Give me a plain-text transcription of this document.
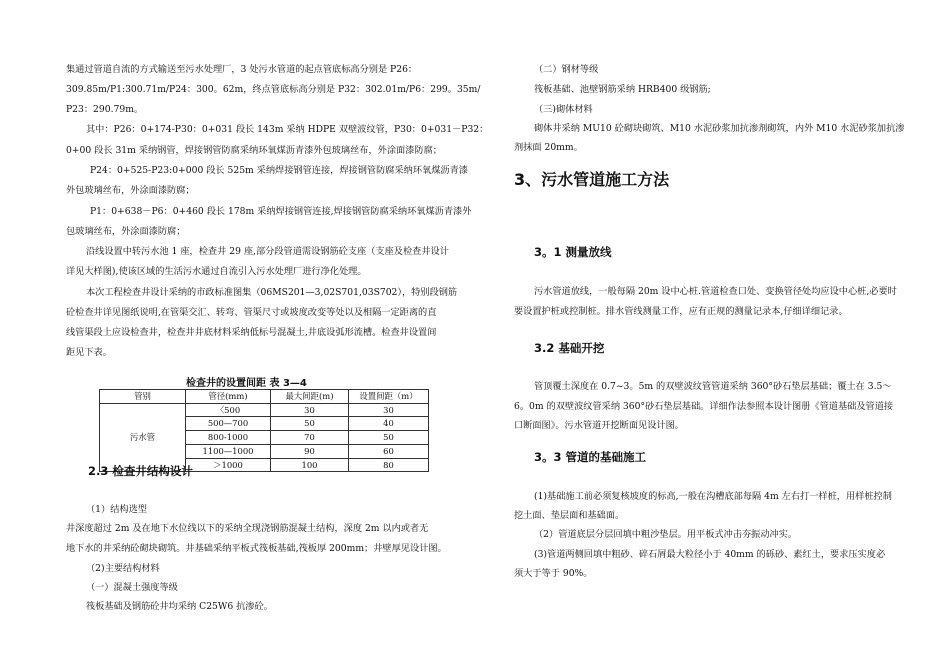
集通过管道自流的方式输送至污水处理厂，3 处污水管道的起点管底标高分别是 P26：
309.85m/P1:300.71m/P24：300。62m，终点管底标高分别是 P32：302.01m/P6：299。35m/
P23：290.79m。
其中：P26：0+174-P30：0+031 段长 143m 采纳 HDPE 双壁波纹管，P30：0+031－P32：
0+00 段长 31m 采纳钢管，焊接钢管防腐采纳环氧煤沥青漆外包玻璃丝布，外涂面漆防腐；
P24：0+525-P23:0+000 段长 525m 采纳焊接钢管连接，焊接钢管防腐采纳环氧煤沥青漆
外包玻璃丝布，外涂面漆防腐；
P1：0+638－P6：0+460 段长 178m 采纳焊接钢管连接,焊接钢管防腐采纳环氧煤沥青漆外
包玻璃丝布，外涂面漆防腐；
沿线设置中转污水池 1 座，检查井 29 座,部分段管道需设钢筋砼支座（支座及检查井设计
详见大样图),使该区域的生活污水通过自流引入污水处理厂进行净化处理。
本次工程检查井设计采纳的市政标准图集（06MS201—3,02S701,03S702），特别段钢筋
砼检查井详见图纸说明,在管渠交汇、转弯、管渠尺寸或坡度改变等处以及相隔一定距离的直
线管渠段上应设检查井，检查井井底材料采纳低标号混凝土,井底设弧形流槽。检查井设置间
距见下表。
检查井的设置间距 表 3—4
管别	管径(mm)	最大间距(m)	设置间距（m）
污水管	〈500	30	30
	500—700	50	40
	800-1000	70	50
	1100—1000	90	60
	＞1000	100	80
2.3 检查井结构设计
（1）结构选型
井深度超过 2m 及在地下水位线以下的采纳全现浇钢筋混凝土结构，深度 2m 以内或者无
地下水的井采纳砼砌块砌筑。井基础采纳平板式筏板基础,筏板厚 200mm；井壁厚见设计图。
（2)主要结构材料
（一）混凝土强度等级
筏板基础及钢筋砼井均采纳 C25W6 抗渗砼。
（二）钢材等级
筏板基础、池壁钢筋采纳 HRB400 级钢筋;
（三)砌体材料
砌体井采纳 MU10 砼砌块砌筑、M10 水泥砂浆加抗渗剂砌筑，内外 M10 水泥砂浆加抗渗
剂抹面 20mm。
3、污水管道施工方法
3。1 测量放线
污水管道放线，一般每隔 20m 设中心桩.管道检查口处、变换管径处均应设中心桩,必要时
要设置护桩或控制桩。排水管线测量工作，应有正规的测量记录本,仔细详细记录。
3.2 基础开挖
管顶覆土深度在 0.7~3。5m 的双壁波纹管管道采纳 360°砂石垫层基础；覆土在 3.5～
6。0m 的双壁波纹管采纳 360°砂石垫层基础。详细作法参照本设计图册《管道基础及管道接
口断面图》。污水管道开挖断面见设计图。
3。3 管道的基础施工
(1)基础施工前必须复核坡度的标高,一般在沟槽底部每隔 4m 左右打一样桩，用样桩控制
挖土面、垫层面和基础面。
（2）管道底层分层回填中粗沙垫层。用平板式冲击夯振动冲实。
(3)管道两侧回填中粗砂、碎石屑最大粒径小于 40mm 的砾砂、素红土，要求压实度必
须大于等于 90%。
